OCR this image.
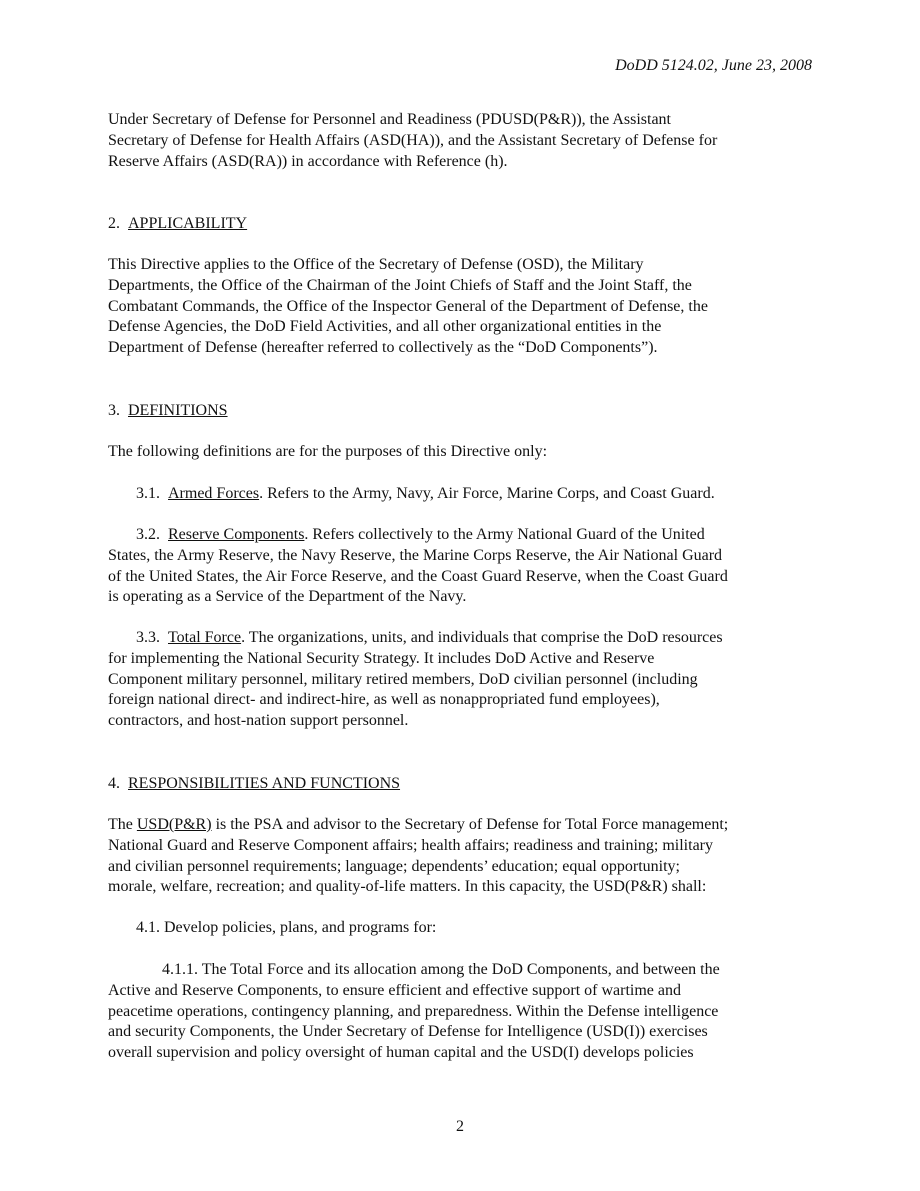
DoDD 5124.02, June 23, 2008
Under Secretary of Defense for Personnel and Readiness (PDUSD(P&R)), the Assistant
Secretary of Defense for Health Affairs (ASD(HA)), and the Assistant Secretary of Defense for
Reserve Affairs (ASD(RA)) in accordance with Reference (h).
2. APPLICABILITY
This Directive applies to the Office of the Secretary of Defense (OSD), the Military
Departments, the Office of the Chairman of the Joint Chiefs of Staff and the Joint Staff, the
Combatant Commands, the Office of the Inspector General of the Department of Defense, the
Defense Agencies, the DoD Field Activities, and all other organizational entities in the
Department of Defense (hereafter referred to collectively as the “DoD Components”).
3. DEFINITIONS
The following definitions are for the purposes of this Directive only:
3.1. Armed Forces. Refers to the Army, Navy, Air Force, Marine Corps, and Coast Guard.
3.2. Reserve Components. Refers collectively to the Army National Guard of the United
States, the Army Reserve, the Navy Reserve, the Marine Corps Reserve, the Air National Guard
of the United States, the Air Force Reserve, and the Coast Guard Reserve, when the Coast Guard
is operating as a Service of the Department of the Navy.
3.3. Total Force. The organizations, units, and individuals that comprise the DoD resources
for implementing the National Security Strategy. It includes DoD Active and Reserve
Component military personnel, military retired members, DoD civilian personnel (including
foreign national direct- and indirect-hire, as well as nonappropriated fund employees),
contractors, and host-nation support personnel.
4. RESPONSIBILITIES AND FUNCTIONS
The USD(P&R) is the PSA and advisor to the Secretary of Defense for Total Force management;
National Guard and Reserve Component affairs; health affairs; readiness and training; military
and civilian personnel requirements; language; dependents’ education; equal opportunity;
morale, welfare, recreation; and quality-of-life matters. In this capacity, the USD(P&R) shall:
4.1. Develop policies, plans, and programs for:
4.1.1. The Total Force and its allocation among the DoD Components, and between the
Active and Reserve Components, to ensure efficient and effective support of wartime and
peacetime operations, contingency planning, and preparedness. Within the Defense intelligence
and security Components, the Under Secretary of Defense for Intelligence (USD(I)) exercises
overall supervision and policy oversight of human capital and the USD(I) develops policies
2
